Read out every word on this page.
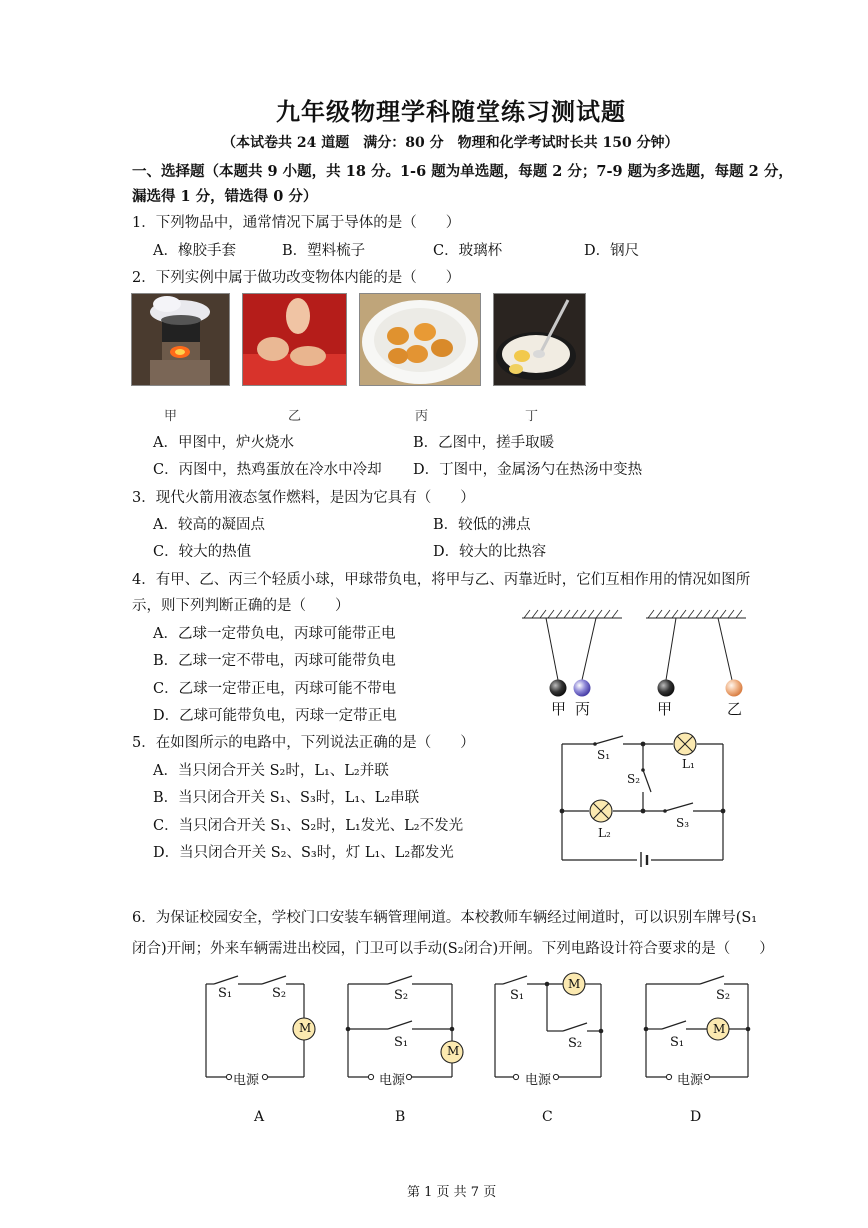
九年级物理学科随堂练习测试题
（本试卷共 24 道题　满分：80 分　物理和化学考试时长共 150 分钟）
一、选择题（本题共 9 小题，共 18 分。1-6 题为单选题，每题 2 分；7-9 题为多选题，每题 2 分，
漏选得 1 分，错选得 0 分）
1．下列物品中，通常情况下属于导体的是（　　）
A．橡胶手套	B．塑料梳子	C．玻璃杯	D．钢尺
2．下列实例中属于做功改变物体内能的是（　　）
甲	乙	丙	丁
A．甲图中，炉火烧水	B．乙图中，搓手取暖
C．丙图中，热鸡蛋放在冷水中冷却 D．丁图中，金属汤勺在热汤中变热
3．现代火箭用液态氢作燃料，是因为它具有（　　）
A．较高的凝固点	B．较低的沸点
C．较大的热值	D．较大的比热容
4．有甲、乙、丙三个轻质小球，甲球带负电，将甲与乙、丙靠近时，它们互相作用的情况如图所
示，则下列判断正确的是（　　）
A．乙球一定带负电，丙球可能带正电
B．乙球一定不带电，丙球可能带负电
C．乙球一定带正电，丙球可能不带电
D．乙球可能带负电，丙球一定带正电	甲 丙	甲	乙
5．在如图所示的电路中，下列说法正确的是（　　）
A．当只闭合开关 S₂时，L₁、L₂并联
B．当只闭合开关 S₁、S₃时，L₁、L₂串联
C．当只闭合开关 S₁、S₂时，L₁发光、L₂不发光
D．当只闭合开关 S₂、S₃时，灯 L₁、L₂都发光
S₁
S₂
L₁
L₂
S₃
6．为保证校园安全，学校门口安装车辆管理闸道。本校教师车辆经过闸道时，可以识别车牌号(S₁
闭合)开闸；外来车辆需进出校园，门卫可以手动(S₂闭合)开闸。下列电路设计符合要求的是（　　）
S₁	S₂
M
电源
S₂
S₁
M
电源
S₁
S₂
M
电源
S₂
S₁
M
电源
A	B	C	D
第 1 页 共 7 页
